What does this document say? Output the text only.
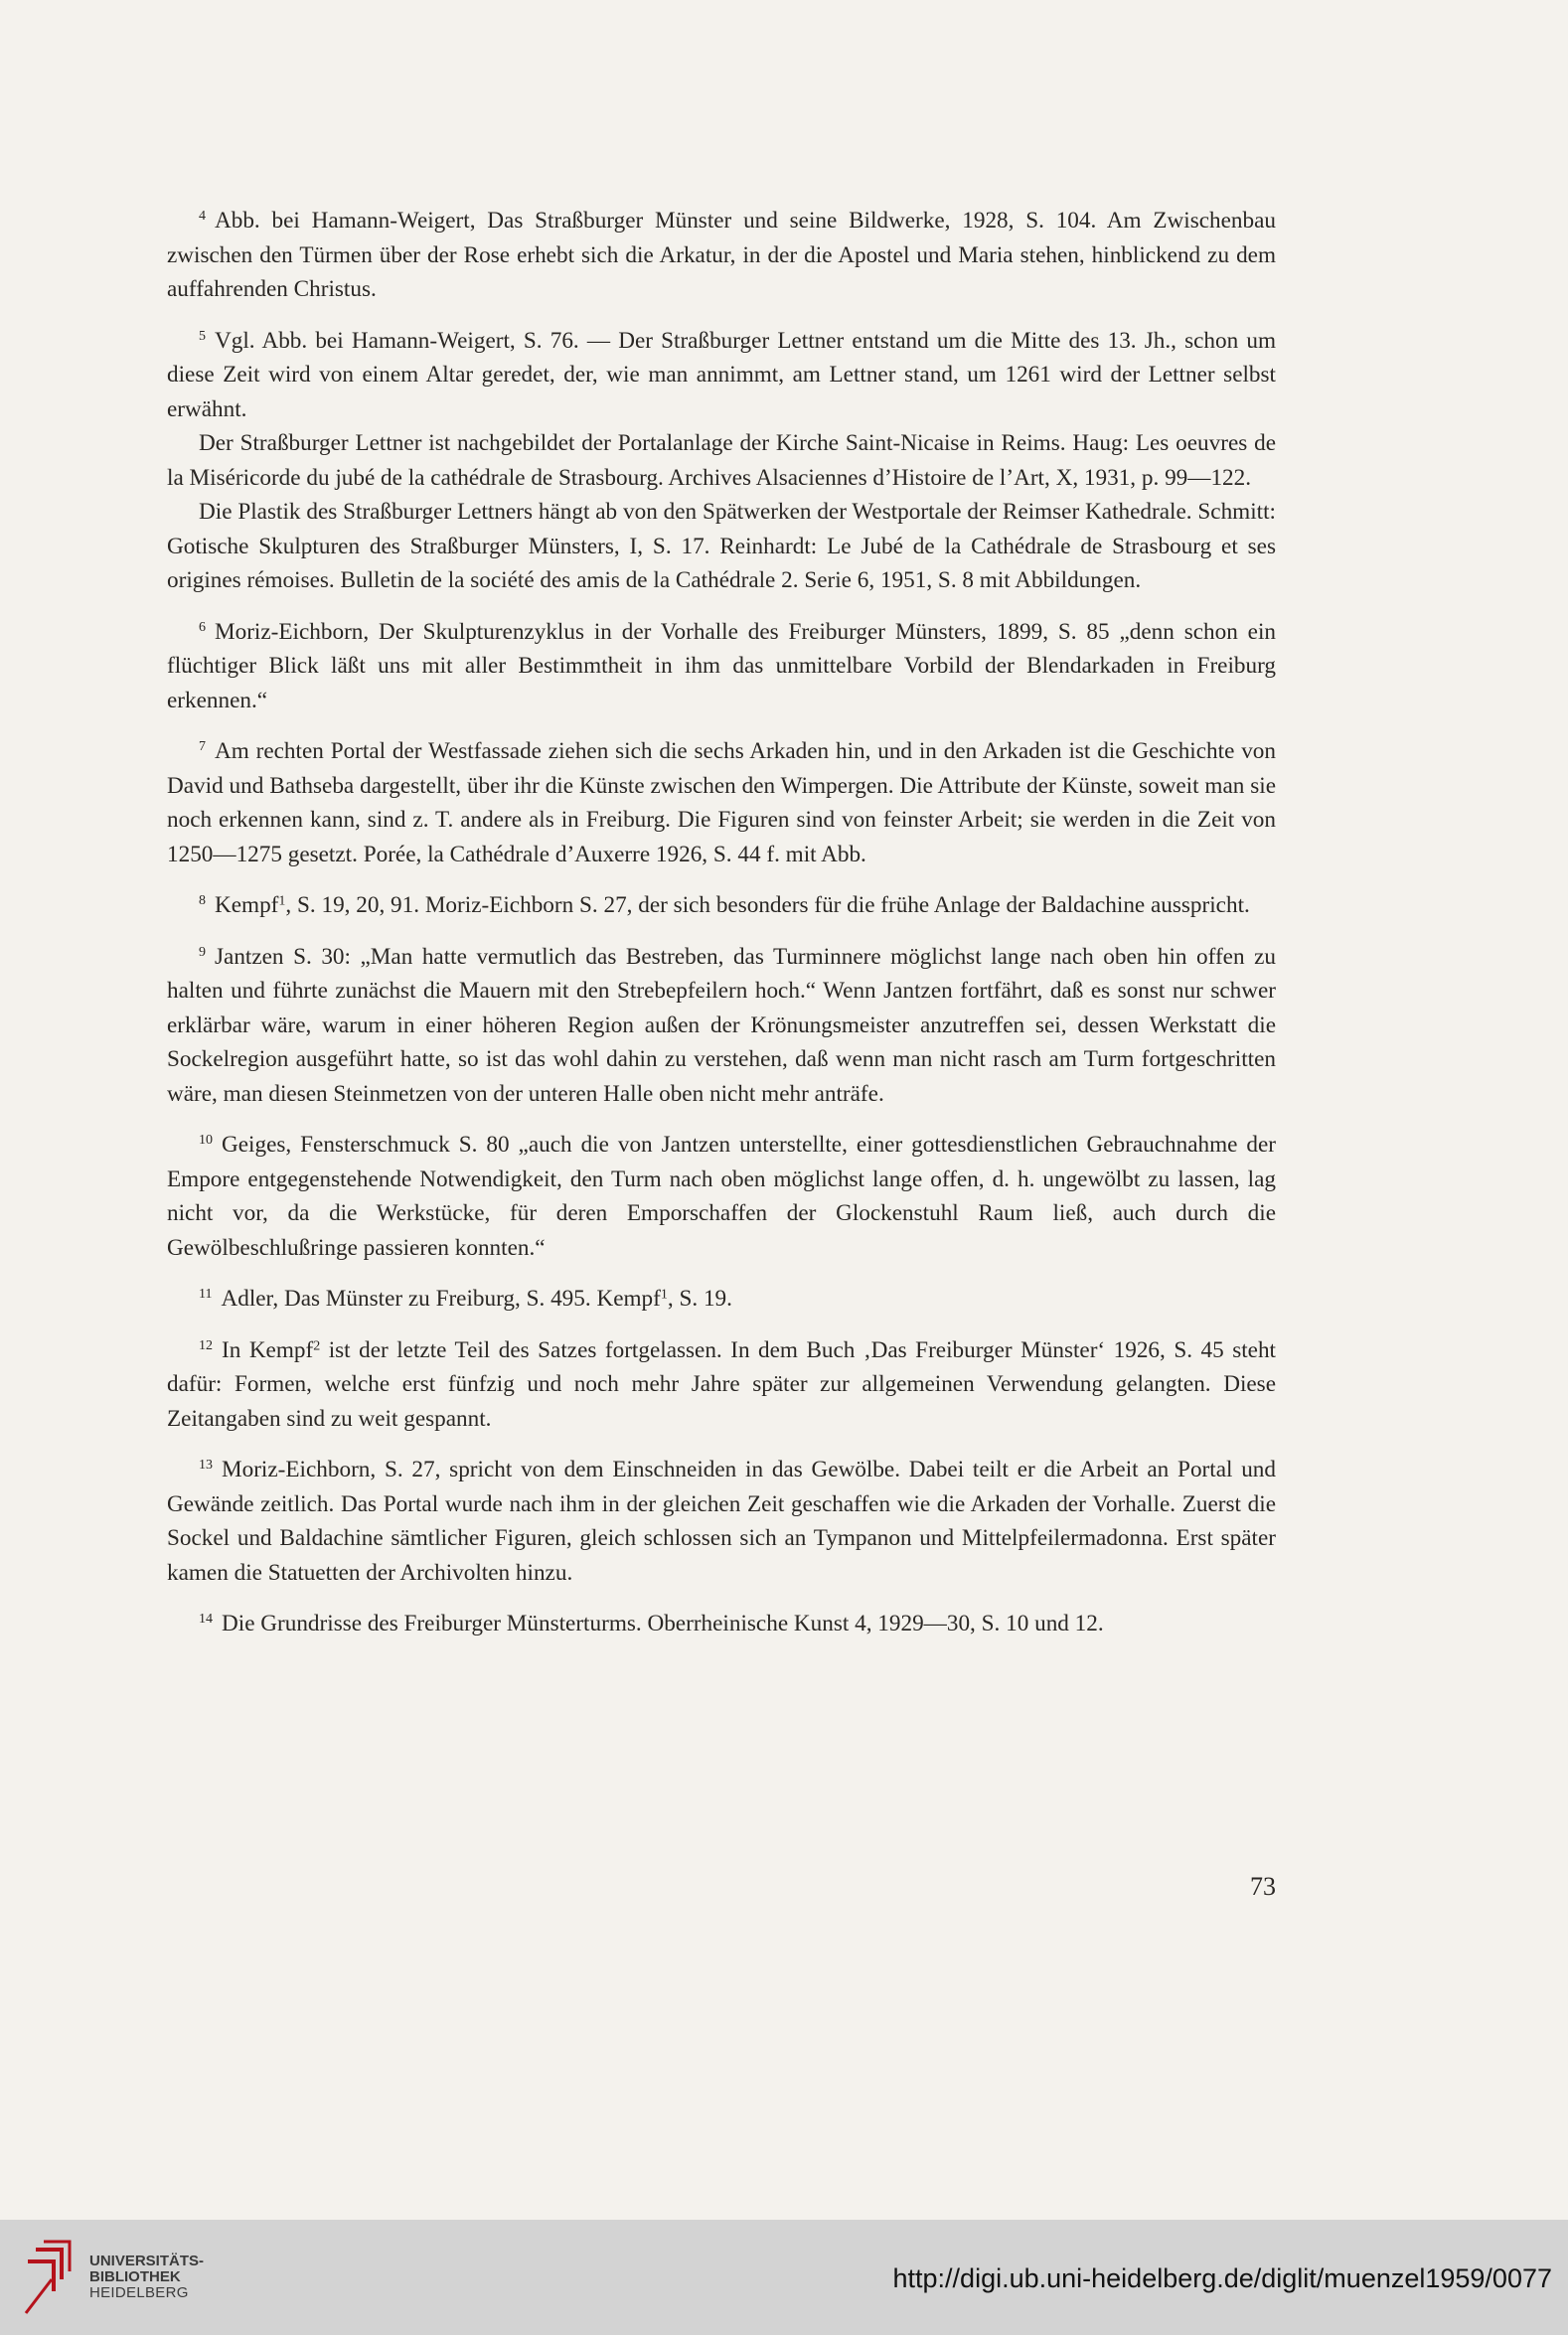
$^4$ Abb. bei Hamann-Weigert, Das Straßburger Münster und seine Bildwerke, 1928, S. 104. Am Zwischenbau zwischen den Türmen über der Rose erhebt sich die Arkatur, in der die Apostel und Maria stehen, hinblickend zu dem auffahrenden Christus.

$^5$ Vgl. Abb. bei Hamann-Weigert, S. 76. — Der Straßburger Lettner entstand um die Mitte des 13. Jh., schon um diese Zeit wird von einem Altar geredet, der, wie man annimmt, am Lettner stand, um 1261 wird der Lettner selbst erwähnt.

Der Straßburger Lettner ist nachgebildet der Portalanlage der Kirche Saint-Nicaise in Reims. Haug: Les oeuvres de la Miséricorde du jubé de la cathédrale de Strasbourg. Archives Alsaciennes d’Histoire de l’Art, X, 1931, p. 99—122.

Die Plastik des Straßburger Lettners hängt ab von den Spätwerken der Westportale der Reimser Kathedrale. Schmitt: Gotische Skulpturen des Straßburger Münsters, I, S. 17. Reinhardt: Le Jubé de la Cathédrale de Strasbourg et ses origines rémoises. Bulletin de la société des amis de la Cathédrale 2. Serie 6, 1951, S. 8 mit Abbildungen.

$^6$ Moriz-Eichborn, Der Skulpturenzyklus in der Vorhalle des Freiburger Münsters, 1899, S. 85 „denn schon ein flüchtiger Blick läßt uns mit aller Bestimmtheit in ihm das unmittelbare Vorbild der Blendarkaden in Freiburg erkennen.“

$^7$ Am rechten Portal der Westfassade ziehen sich die sechs Arkaden hin, und in den Arkaden ist die Geschichte von David und Bathseba dargestellt, über ihr die Künste zwischen den Wimpergen. Die Attribute der Künste, soweit man sie noch erkennen kann, sind z. T. andere als in Freiburg. Die Figuren sind von feinster Arbeit; sie werden in die Zeit von 1250—1275 gesetzt. Porée, la Cathédrale d’Auxerre 1926, S. 44 f. mit Abb.

$^8$ Kempf$^1$, S. 19, 20, 91. Moriz-Eichborn S. 27, der sich besonders für die frühe Anlage der Baldachine ausspricht.

$^9$ Jantzen S. 30: „Man hatte vermutlich das Bestreben, das Turminnere möglichst lange nach oben hin offen zu halten und führte zunächst die Mauern mit den Strebepfeilern hoch.“ Wenn Jantzen fortfährt, daß es sonst nur schwer erklärbar wäre, warum in einer höheren Region außen der Krönungsmeister anzutreffen sei, dessen Werkstatt die Sockelregion ausgeführt hatte, so ist das wohl dahin zu verstehen, daß wenn man nicht rasch am Turm fortgeschritten wäre, man diesen Steinmetzen von der unteren Halle oben nicht mehr anträfe.

$^{10}$ Geiges, Fensterschmuck S. 80 „auch die von Jantzen unterstellte, einer gottesdienstlichen Gebrauchnahme der Empore entgegenstehende Notwendigkeit, den Turm nach oben möglichst lange offen, d. h. ungewölbt zu lassen, lag nicht vor, da die Werkstücke, für deren Emporschaffen der Glockenstuhl Raum ließ, auch durch die Gewölbeschlußringe passieren konnten.“

$^{11}$ Adler, Das Münster zu Freiburg, S. 495. Kempf$^1$, S. 19.

$^{12}$ In Kempf$^2$ ist der letzte Teil des Satzes fortgelassen. In dem Buch ‚Das Freiburger Münster‘ 1926, S. 45 steht dafür: Formen, welche erst fünfzig und noch mehr Jahre später zur allgemeinen Verwendung gelangten. Diese Zeitangaben sind zu weit gespannt.

$^{13}$ Moriz-Eichborn, S. 27, spricht von dem Einschneiden in das Gewölbe. Dabei teilt er die Arbeit an Portal und Gewände zeitlich. Das Portal wurde nach ihm in der gleichen Zeit geschaffen wie die Arkaden der Vorhalle. Zuerst die Sockel und Baldachine sämtlicher Figuren, gleich schlossen sich an Tympanon und Mittelpfeilermadonna. Erst später kamen die Statuetten der Archivolten hinzu.

$^{14}$ Die Grundrisse des Freiburger Münsterturms. Oberrheinische Kunst 4, 1929—30, S. 10 und 12.

73
UNIVERSITÄTS-
BIBLIOTHEK
HEIDELBERG	http://digi.ub.uni-heidelberg.de/diglit/muenzel1959/0077
